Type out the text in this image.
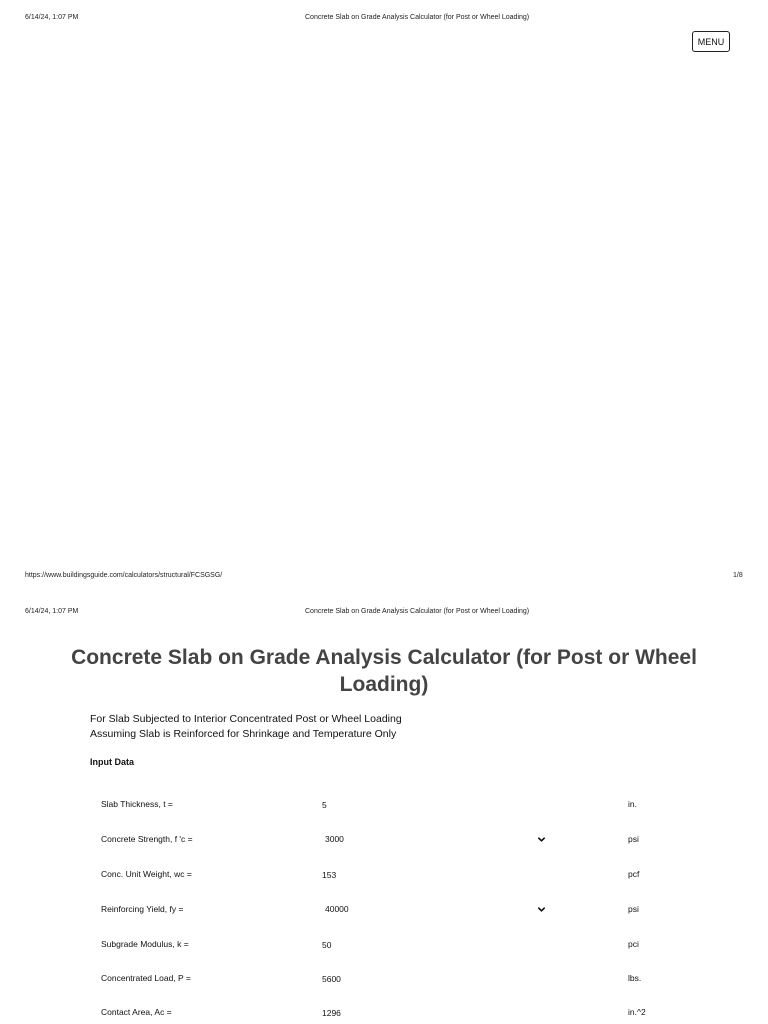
6/14/24, 1:07 PM	Concrete Slab on Grade Analysis Calculator (for Post or Wheel Loading)
MENU
https://www.buildingsguide.com/calculators/structural/FCSGSG/	1/8
6/14/24, 1:07 PM	Concrete Slab on Grade Analysis Calculator (for Post or Wheel Loading)
Concrete Slab on Grade Analysis Calculator (for Post or Wheel Loading)
For Slab Subjected to Interior Concentrated Post or Wheel Loading
Assuming Slab is Reinforced for Shrinkage and Temperature Only
Input Data
Slab Thickness, t =
5	in.
Concrete Strength, f 'c =	3000	psi
Conc. Unit Weight, wc =
153	pcf
Reinforcing Yield, fy =	40000	psi
Subgrade Modulus, k =
50	pci
Concentrated Load, P =
5600	lbs.
Contact Area, Ac =
1296	in.^2
